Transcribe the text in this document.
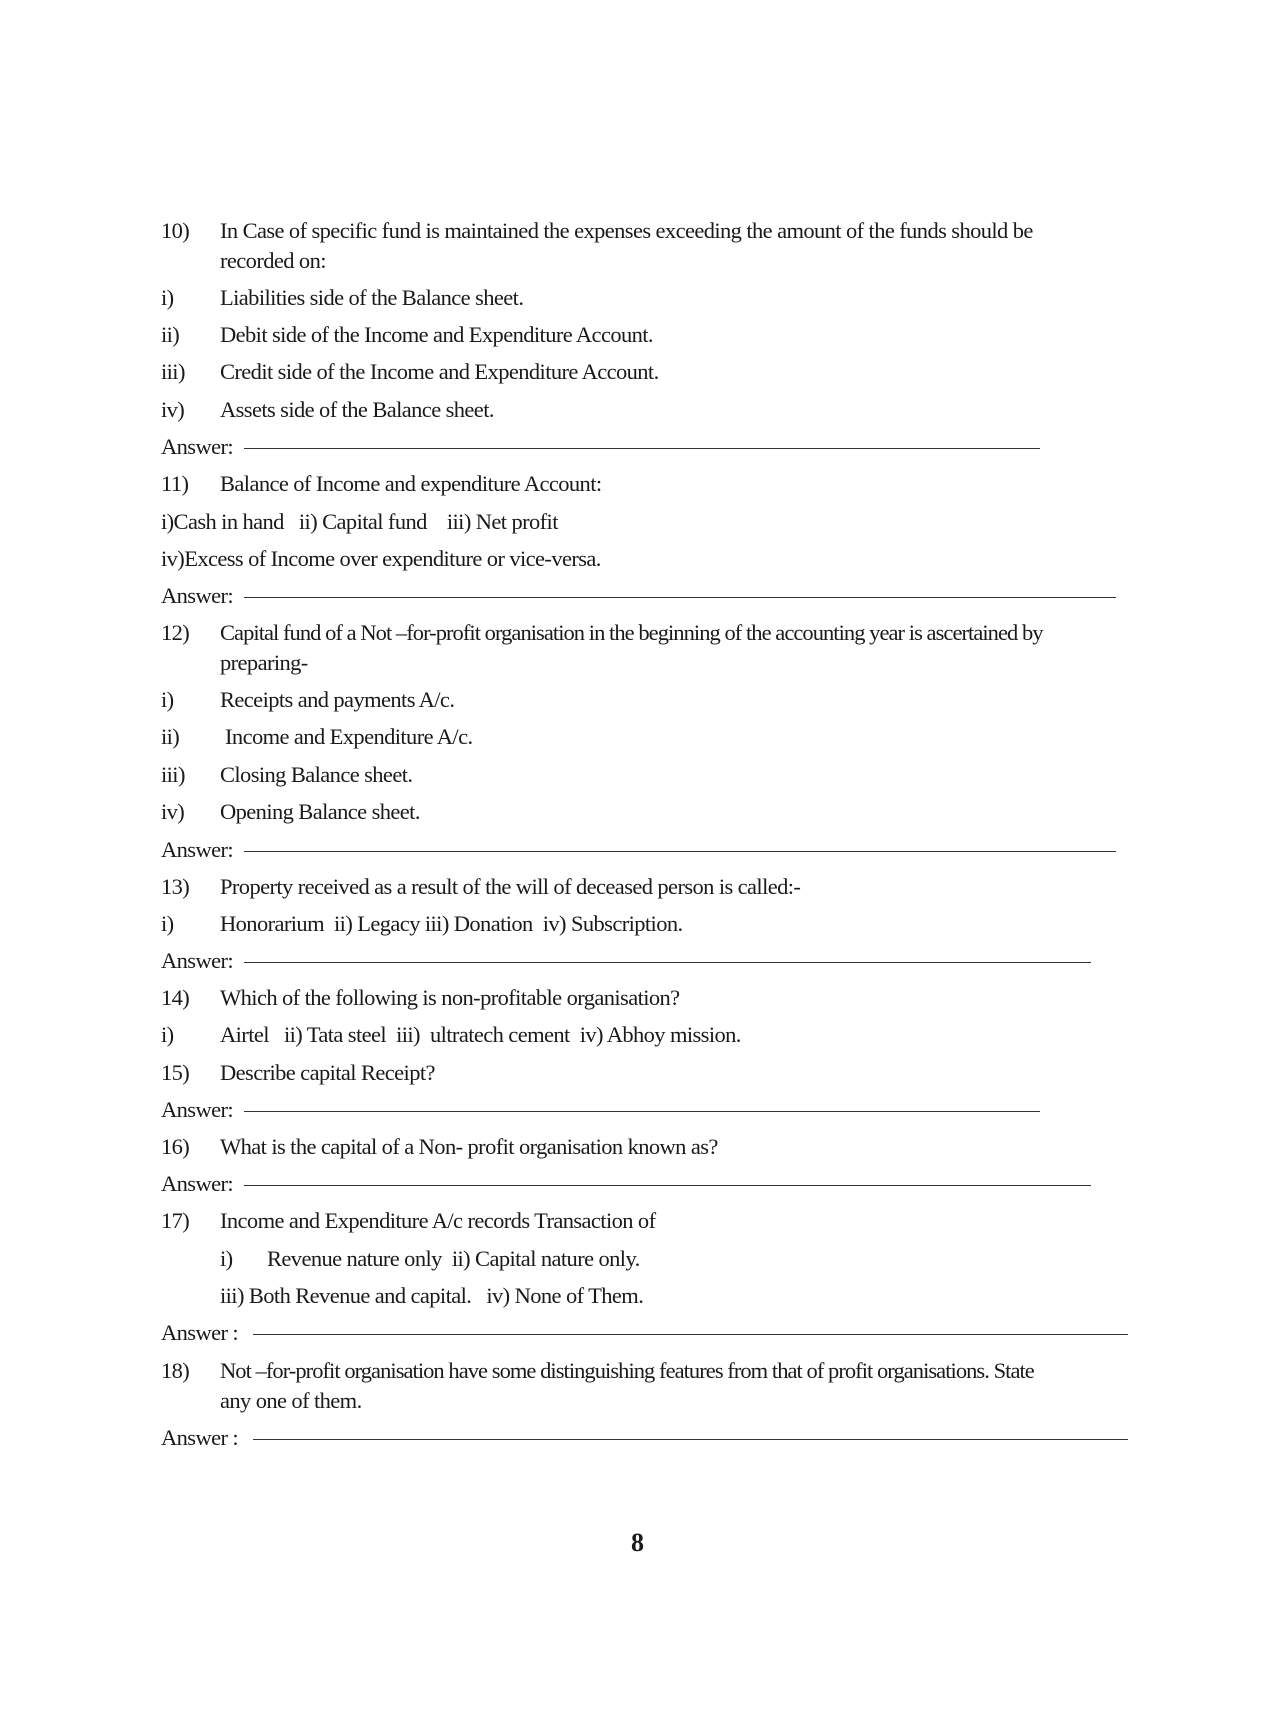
10) In Case of specific fund is maintained the expenses exceeding the amount of the funds should be
recorded on:
i) Liabilities side of the Balance sheet.
ii) Debit side of the Income and Expenditure Account.
iii) Credit side of the Income and Expenditure Account.
iv) Assets side of the Balance sheet.
Answer:
11) Balance of Income and expenditure Account:
i)Cash in hand   ii) Capital fund    iii) Net profit
iv)Excess of Income over expenditure or vice-versa.
Answer:
12) Capital fund of a Not –for-profit organisation in the beginning of the accounting year is ascertained by
preparing-
i) Receipts and payments A/c.
ii) Income and Expenditure A/c.
iii) Closing Balance sheet.
iv) Opening Balance sheet.
Answer:
13) Property received as a result of the will of deceased person is called:-
i) Honorarium  ii) Legacy iii) Donation  iv) Subscription.
Answer:
14) Which of the following is non-profitable organisation?
i) Airtel   ii) Tata steel  iii)  ultratech cement  iv) Abhoy mission.
15) Describe capital Receipt?
Answer:
16) What is the capital of a Non- profit organisation known as?
Answer:
17) Income and Expenditure A/c records Transaction of
i) Revenue nature only  ii) Capital nature only.
iii) Both Revenue and capital.   iv) None of Them.
Answer :
18) Not –for-profit organisation have some distinguishing features from that of profit organisations. State
any one of them.
Answer :
8
